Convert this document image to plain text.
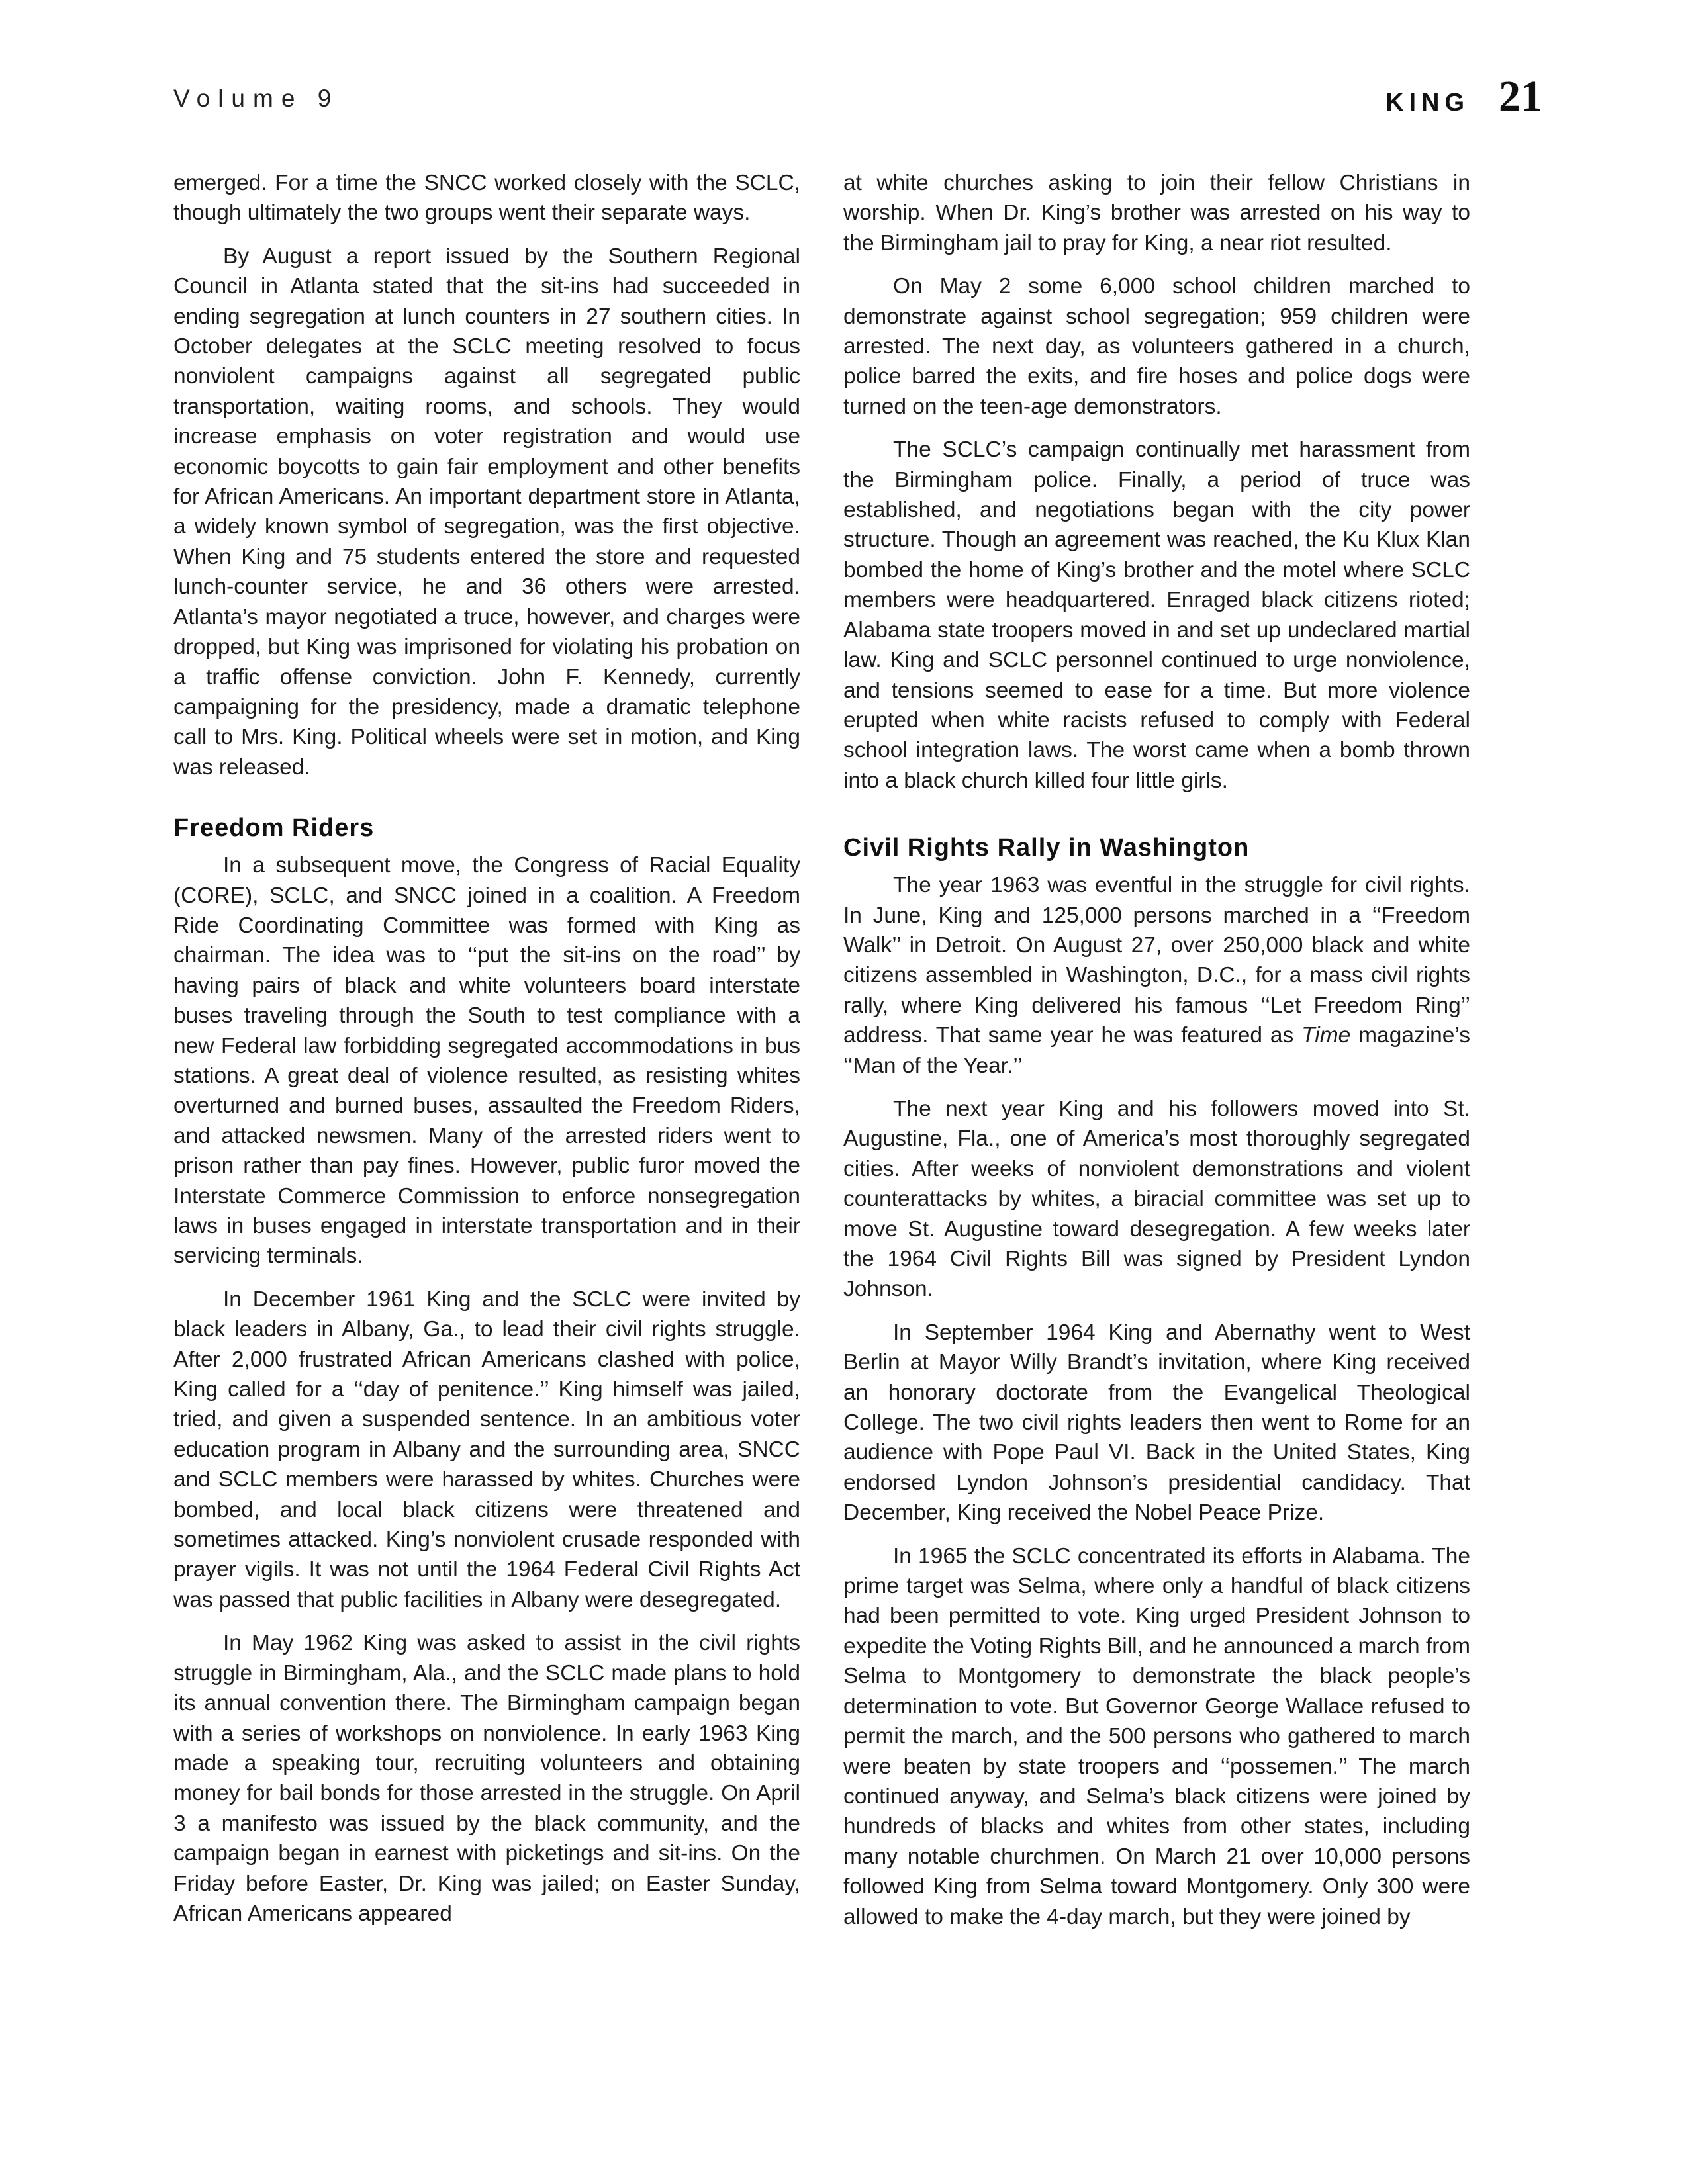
Volume 9	KING 21

emerged. For a time the SNCC worked closely with the SCLC, though ultimately the two groups went their separate ways.

By August a report issued by the Southern Regional Council in Atlanta stated that the sit-ins had succeeded in ending segregation at lunch counters in 27 southern cities. In October delegates at the SCLC meeting resolved to focus nonviolent campaigns against all segregated public transportation, waiting rooms, and schools. They would increase emphasis on voter registration and would use economic boycotts to gain fair employment and other benefits for African Americans. An important department store in Atlanta, a widely known symbol of segregation, was the first objective. When King and 75 students entered the store and requested lunch-counter service, he and 36 others were arrested. Atlanta’s mayor negotiated a truce, however, and charges were dropped, but King was imprisoned for violating his probation on a traffic offense conviction. John F. Kennedy, currently campaigning for the presidency, made a dramatic telephone call to Mrs. King. Political wheels were set in motion, and King was released.

Freedom Riders

In a subsequent move, the Congress of Racial Equality (CORE), SCLC, and SNCC joined in a coalition. A Freedom Ride Coordinating Committee was formed with King as chairman. The idea was to ‘‘put the sit-ins on the road’’ by having pairs of black and white volunteers board interstate buses traveling through the South to test compliance with a new Federal law forbidding segregated accommodations in bus stations. A great deal of violence resulted, as resisting whites overturned and burned buses, assaulted the Freedom Riders, and attacked newsmen. Many of the arrested riders went to prison rather than pay fines. However, public furor moved the Interstate Commerce Commission to enforce nonsegregation laws in buses engaged in interstate transportation and in their servicing terminals.

In December 1961 King and the SCLC were invited by black leaders in Albany, Ga., to lead their civil rights struggle. After 2,000 frustrated African Americans clashed with police, King called for a ‘‘day of penitence.’’ King himself was jailed, tried, and given a suspended sentence. In an ambitious voter education program in Albany and the surrounding area, SNCC and SCLC members were harassed by whites. Churches were bombed, and local black citizens were threatened and sometimes attacked. King’s nonviolent crusade responded with prayer vigils. It was not until the 1964 Federal Civil Rights Act was passed that public facilities in Albany were desegregated.

In May 1962 King was asked to assist in the civil rights struggle in Birmingham, Ala., and the SCLC made plans to hold its annual convention there. The Birmingham campaign began with a series of workshops on nonviolence. In early 1963 King made a speaking tour, recruiting volunteers and obtaining money for bail bonds for those arrested in the struggle. On April 3 a manifesto was issued by the black community, and the campaign began in earnest with picketings and sit-ins. On the Friday before Easter, Dr. King was jailed; on Easter Sunday, African Americans appeared

at white churches asking to join their fellow Christians in worship. When Dr. King’s brother was arrested on his way to the Birmingham jail to pray for King, a near riot resulted.

On May 2 some 6,000 school children marched to demonstrate against school segregation; 959 children were arrested. The next day, as volunteers gathered in a church, police barred the exits, and fire hoses and police dogs were turned on the teen-age demonstrators.

The SCLC’s campaign continually met harassment from the Birmingham police. Finally, a period of truce was established, and negotiations began with the city power structure. Though an agreement was reached, the Ku Klux Klan bombed the home of King’s brother and the motel where SCLC members were headquartered. Enraged black citizens rioted; Alabama state troopers moved in and set up undeclared martial law. King and SCLC personnel continued to urge nonviolence, and tensions seemed to ease for a time. But more violence erupted when white racists refused to comply with Federal school integration laws. The worst came when a bomb thrown into a black church killed four little girls.

Civil Rights Rally in Washington

The year 1963 was eventful in the struggle for civil rights. In June, King and 125,000 persons marched in a ‘‘Freedom Walk’’ in Detroit. On August 27, over 250,000 black and white citizens assembled in Washington, D.C., for a mass civil rights rally, where King delivered his famous ‘‘Let Freedom Ring’’ address. That same year he was featured as Time magazine’s ‘‘Man of the Year.’’

The next year King and his followers moved into St. Augustine, Fla., one of America’s most thoroughly segregated cities. After weeks of nonviolent demonstrations and violent counterattacks by whites, a biracial committee was set up to move St. Augustine toward desegregation. A few weeks later the 1964 Civil Rights Bill was signed by President Lyndon Johnson.

In September 1964 King and Abernathy went to West Berlin at Mayor Willy Brandt’s invitation, where King received an honorary doctorate from the Evangelical Theological College. The two civil rights leaders then went to Rome for an audience with Pope Paul VI. Back in the United States, King endorsed Lyndon Johnson’s presidential candidacy. That December, King received the Nobel Peace Prize.

In 1965 the SCLC concentrated its efforts in Alabama. The prime target was Selma, where only a handful of black citizens had been permitted to vote. King urged President Johnson to expedite the Voting Rights Bill, and he announced a march from Selma to Montgomery to demonstrate the black people’s determination to vote. But Governor George Wallace refused to permit the march, and the 500 persons who gathered to march were beaten by state troopers and ‘‘possemen.’’ The march continued anyway, and Selma’s black citizens were joined by hundreds of blacks and whites from other states, including many notable churchmen. On March 21 over 10,000 persons followed King from Selma toward Montgomery. Only 300 were allowed to make the 4-day march, but they were joined by
